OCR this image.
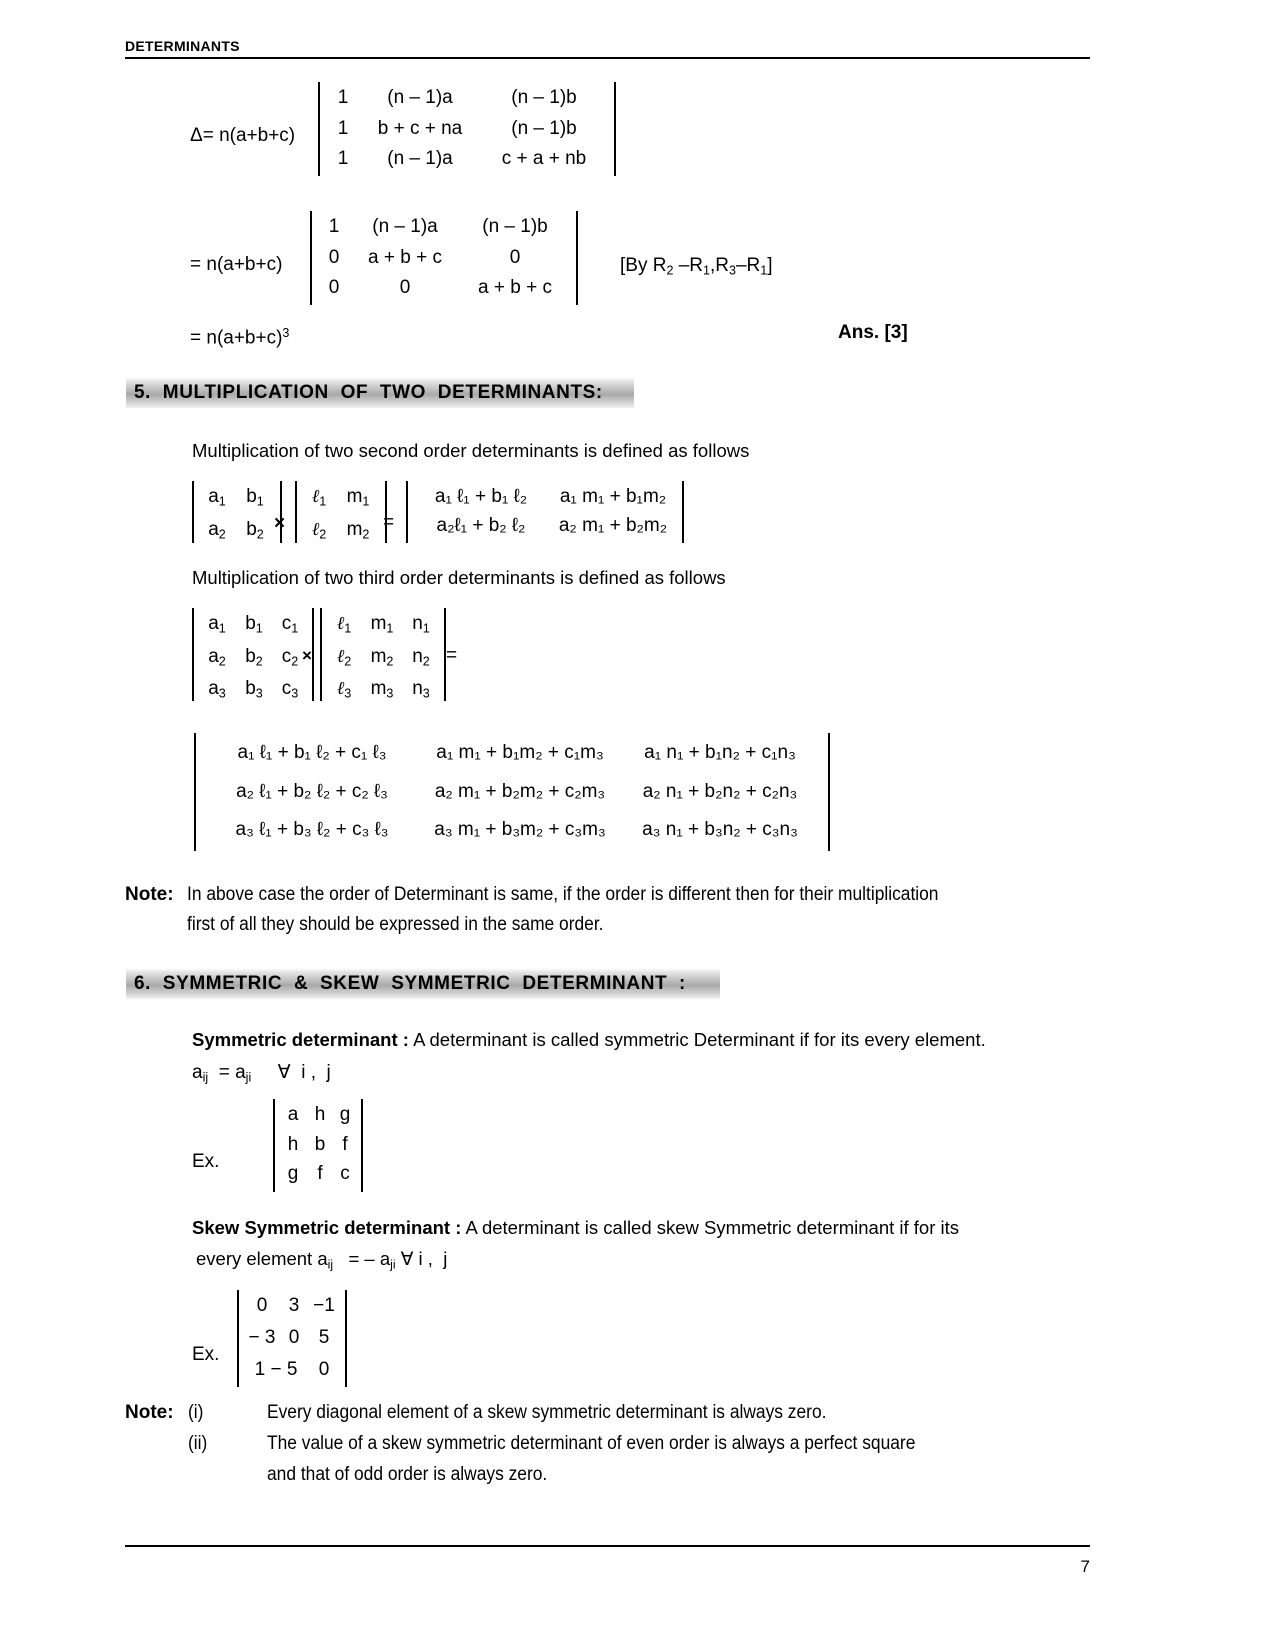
DETERMINANTS
Δ= n(a+b+c)
1	(n – 1)a	(n – 1)b
1	b + c + na	(n – 1)b
1	(n – 1)a	c + a + nb
= n(a+b+c)
1	(n – 1)a	(n – 1)b
0	a + b + c	0
0	0	a + b + c
[By $R_2$ $-R_1,R_3-R_1$]
= $n(a+b+c)^3$	Ans. [3]
5.  MULTIPLICATION  OF  TWO  DETERMINANTS:
Multiplication of two second order determinants is defined as follows
$a_1$	$b_1$
$a_2$	$b_2$ ×
ℓ$_1$	$m_1$
ℓ$_2$	$m_2$
=
a₁ ℓ₁ + b₁ ℓ₂	a₁ m₁ + b₁m₂
a₂ℓ₁ + b₂ ℓ₂	a₂ m₁ + b₂m₂
Multiplication of two third order determinants is defined as follows
$a_1$	$b_1$ $c_1$
$a_2$	$b_2$ $c_2$
$a_3$	$b_3$ $c_3$
×
ℓ$_1$	$m_1$ $n_1$
ℓ$_2$	$m_2$ $n_2$
ℓ$_3$	$m_3$ $n_3$
=
a₁ ℓ₁ + b₁ ℓ₂ + c₁ ℓ₃	a₁ m₁ + b₁m₂ + c₁m₃	a₁ n₁ + b₁n₂ + c₁n₃
a₂ ℓ₁ + b₂ ℓ₂ + c₂ ℓ₃	a₂ m₁ + b₂m₂ + c₂m₃	a₂ n₁ + b₂n₂ + c₂n₃
a₃ ℓ₁ + b₃ ℓ₂ + c₃ ℓ₃	a₃ m₁ + b₃m₂ + c₃m₃	a₃ n₁ + b₃n₂ + c₃n₃
Note: In above case the order of Determinant is same, if the order is different then for their multiplication
first of all they should be expressed in the same order.
6.  SYMMETRIC  &  SKEW  SYMMETRIC  DETERMINANT  :
Symmetric determinant : A determinant is called symmetric Determinant if for its every element.
$a_{ij} = a_{ji}$ ∀  i ,  j
Ex.
a h g
h b f
g	f c
Skew Symmetric determinant : A determinant is called skew Symmetric determinant if for its
every element $a_{ij}$   = – $a_{ji}$ ∀ i ,  j
Ex.
0	3 −1
− 3 0	5
1 − 5	0
Note: (i)	Every diagonal element of a skew symmetric determinant is always zero.
(ii)	The value of a skew symmetric determinant of even order is always a perfect square
and that of odd order is always zero.
7
